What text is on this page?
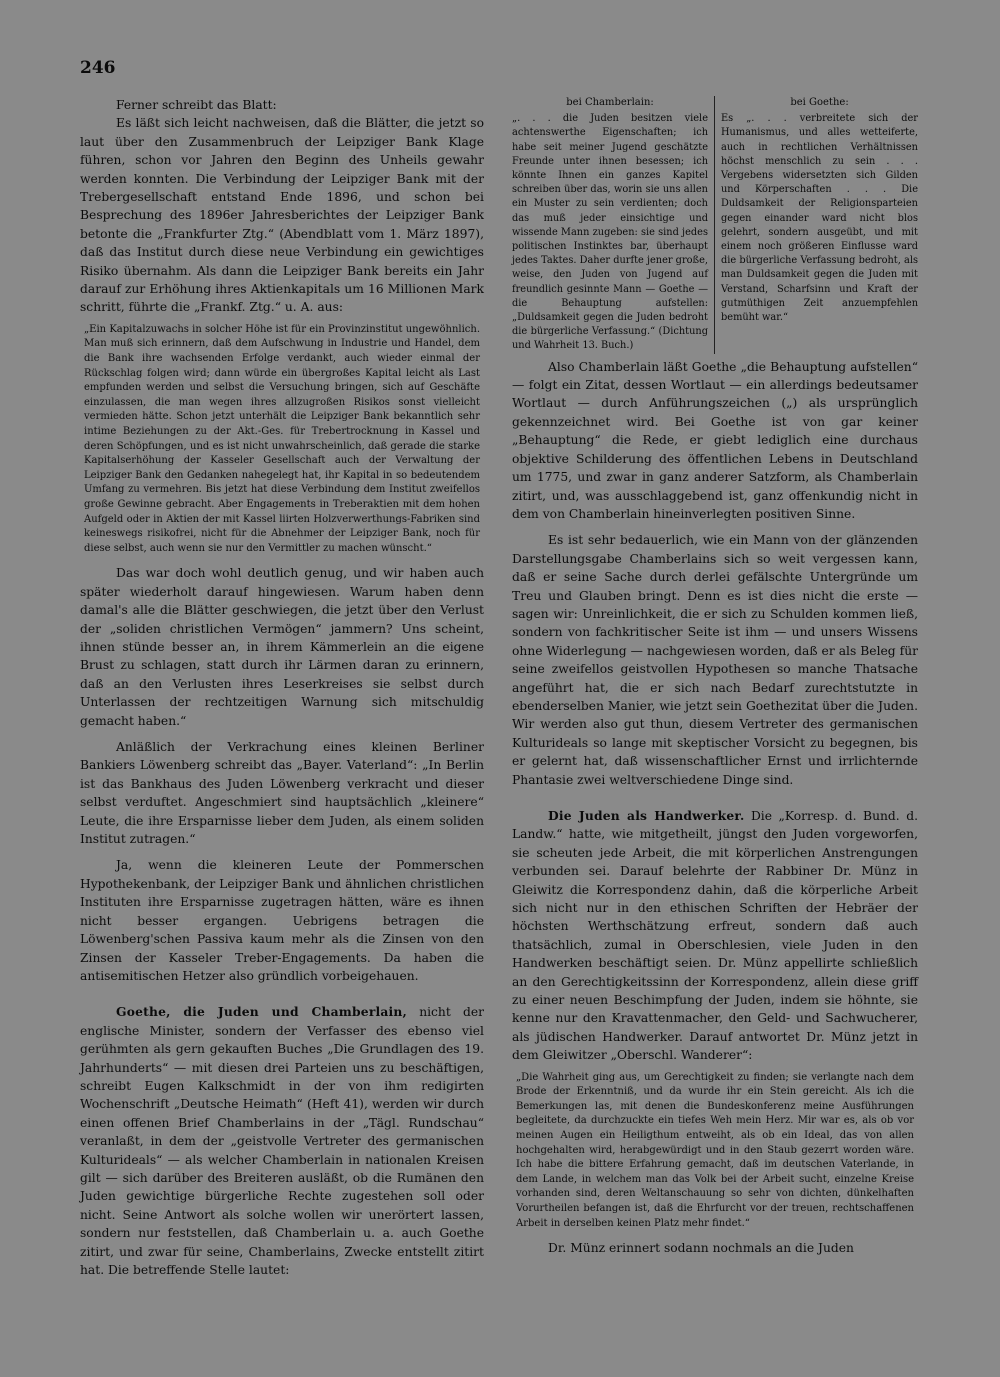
246

Ferner schreibt das Blatt:

Es läßt sich leicht nachweisen, daß die Blätter, die jetzt so laut über den Zusammenbruch der Leipziger Bank Klage führen, schon vor Jahren den Beginn des Unheils gewahr werden konnten. Die Verbindung der Leipziger Bank mit der Trebergesellschaft entstand Ende 1896, und schon bei Besprechung des 1896er Jahresberichtes der Leipziger Bank betonte die „Frankfurter Ztg.“ (Abendblatt vom 1. März 1897), daß das Institut durch diese neue Verbindung ein gewichtiges Risiko übernahm. Als dann die Leipziger Bank bereits ein Jahr darauf zur Erhöhung ihres Aktienkapitals um 16 Millionen Mark schritt, führte die „Frankf. Ztg.“ u. A. aus:

„Ein Kapitalzuwachs in solcher Höhe ist für ein Provinzinstitut ungewöhnlich. Man muß sich erinnern, daß dem Aufschwung in Industrie und Handel, dem die Bank ihre wachsenden Erfolge verdankt, auch wieder einmal der Rückschlag folgen wird; dann würde ein übergroßes Kapital leicht als Last empfunden werden und selbst die Versuchung bringen, sich auf Geschäfte einzulassen, die man wegen ihres allzugroßen Risikos sonst vielleicht vermieden hätte. Schon jetzt unterhält die Leipziger Bank bekanntlich sehr intime Beziehungen zu der Akt.-Ges. für Trebertrocknung in Kassel und deren Schöpfungen, und es ist nicht unwahrscheinlich, daß gerade die starke Kapitalserhöhung der Kasseler Gesellschaft auch der Verwaltung der Leipziger Bank den Gedanken nahegelegt hat, ihr Kapital in so bedeutendem Umfang zu vermehren. Bis jetzt hat diese Verbindung dem Institut zweifellos große Gewinne gebracht. Aber Engagements in Treberaktien mit dem hohen Aufgeld oder in Aktien der mit Kassel liirten Holzverwerthungs-Fabriken sind keineswegs risikofrei, nicht für die Abnehmer der Leipziger Bank, noch für diese selbst, auch wenn sie nur den Vermittler zu machen wünscht.“

Das war doch wohl deutlich genug, und wir haben auch später wiederholt darauf hingewiesen. Warum haben denn damal's alle die Blätter geschwiegen, die jetzt über den Verlust der „soliden christlichen Vermögen“ jammern? Uns scheint, ihnen stünde besser an, in ihrem Kämmerlein an die eigene Brust zu schlagen, statt durch ihr Lärmen daran zu erinnern, daß an den Verlusten ihres Leserkreises sie selbst durch Unterlassen der rechtzeitigen Warnung sich mitschuldig gemacht haben.“

Anläßlich der Verkrachung eines kleinen Berliner Bankiers Löwenberg schreibt das „Bayer. Vaterland“: „In Berlin ist das Bankhaus des Juden Löwenberg verkracht und dieser selbst verduftet. Angeschmiert sind hauptsächlich „kleinere“ Leute, die ihre Ersparnisse lieber dem Juden, als einem soliden Institut zutragen.“

Ja, wenn die kleineren Leute der Pommerschen Hypothekenbank, der Leipziger Bank und ähnlichen christlichen Instituten ihre Ersparnisse zugetragen hätten, wäre es ihnen nicht besser ergangen. Uebrigens betragen die Löwenberg'schen Passiva kaum mehr als die Zinsen von den Zinsen der Kasseler Treber-Engagements. Da haben die antisemitischen Hetzer also gründlich vorbeigehauen.

Goethe, die Juden und Chamberlain, nicht der englische Minister, sondern der Verfasser des ebenso viel gerühmten als gern gekauften Buches „Die Grundlagen des 19. Jahrhunderts“ — mit diesen drei Parteien uns zu beschäftigen, schreibt Eugen Kalkschmidt in der von ihm redigirten Wochenschrift „Deutsche Heimath“ (Heft 41), werden wir durch einen offenen Brief Chamberlains in der „Tägl. Rundschau“ veranlaßt, in dem der „geistvolle Vertreter des germanischen Kulturideals“ — als welcher Chamberlain in nationalen Kreisen gilt — sich darüber des Breiteren ausläßt, ob die Rumänen den Juden gewichtige bürgerliche Rechte zugestehen soll oder nicht. Seine Antwort als solche wollen wir unerörtert lassen, sondern nur feststellen, daß Chamberlain u. a. auch Goethe zitirt, und zwar für seine, Chamberlains, Zwecke entstellt zitirt hat. Die betreffende Stelle lautet:

bei Chamberlain:

„. . . die Juden besitzen viele achtenswerthe Eigenschaften; ich habe seit meiner Jugend geschätzte Freunde unter ihnen besessen; ich könnte Ihnen ein ganzes Kapitel schreiben über das, worin sie uns allen ein Muster zu sein verdienten; doch das muß jeder einsichtige und wissende Mann zugeben: sie sind jedes politischen Instinktes bar, überhaupt jedes Taktes. Daher durfte jener große, weise, den Juden von Jugend auf freundlich gesinnte Mann — Goethe — die Behauptung aufstellen: „Duldsamkeit gegen die Juden bedroht die bürgerliche Verfassung.“ (Dichtung und Wahrheit 13. Buch.)

bei Goethe:

Es „. . . verbreitete sich der Humanismus, und alles wetteiferte, auch in rechtlichen Verhältnissen höchst menschlich zu sein . . . Vergebens widersetzten sich Gilden und Körperschaften . . . Die Duldsamkeit der Religionsparteien gegen einander ward nicht blos gelehrt, sondern ausgeübt, und mit einem noch größeren Einflusse ward die bürgerliche Verfassung bedroht, als man Duldsamkeit gegen die Juden mit Verstand, Scharfsinn und Kraft der gutmüthigen Zeit anzuempfehlen bemüht war.“

Also Chamberlain läßt Goethe „die Behauptung aufstellen“ — folgt ein Zitat, dessen Wortlaut — ein allerdings bedeutsamer Wortlaut — durch Anführungszeichen („) als ursprünglich gekennzeichnet wird. Bei Goethe ist von gar keiner „Behauptung“ die Rede, er giebt lediglich eine durchaus objektive Schilderung des öffentlichen Lebens in Deutschland um 1775, und zwar in ganz anderer Satzform, als Chamberlain zitirt, und, was ausschlaggebend ist, ganz offenkundig nicht in dem von Chamberlain hineinverlegten positiven Sinne.

Es ist sehr bedauerlich, wie ein Mann von der glänzenden Darstellungsgabe Chamberlains sich so weit vergessen kann, daß er seine Sache durch derlei gefälschte Untergründe um Treu und Glauben bringt. Denn es ist dies nicht die erste — sagen wir: Unreinlichkeit, die er sich zu Schulden kommen ließ, sondern von fachkritischer Seite ist ihm — und unsers Wissens ohne Widerlegung — nachgewiesen worden, daß er als Beleg für seine zweifellos geistvollen Hypothesen so manche Thatsache angeführt hat, die er sich nach Bedarf zurechtstutzte in ebenderselben Manier, wie jetzt sein Goethezitat über die Juden. Wir werden also gut thun, diesem Vertreter des germanischen Kulturideals so lange mit skeptischer Vorsicht zu begegnen, bis er gelernt hat, daß wissenschaftlicher Ernst und irrlichternde Phantasie zwei weltverschiedene Dinge sind.

Die Juden als Handwerker. Die „Korresp. d. Bund. d. Landw.“ hatte, wie mitgetheilt, jüngst den Juden vorgeworfen, sie scheuten jede Arbeit, die mit körperlichen Anstrengungen verbunden sei. Darauf belehrte der Rabbiner Dr. Münz in Gleiwitz die Korrespondenz dahin, daß die körperliche Arbeit sich nicht nur in den ethischen Schriften der Hebräer der höchsten Werthschätzung erfreut, sondern daß auch thatsächlich, zumal in Oberschlesien, viele Juden in den Handwerken beschäftigt seien. Dr. Münz appellirte schließlich an den Gerechtigkeitssinn der Korrespondenz, allein diese griff zu einer neuen Beschimpfung der Juden, indem sie höhnte, sie kenne nur den Kravattenmacher, den Geld- und Sachwucherer, als jüdischen Handwerker. Darauf antwortet Dr. Münz jetzt in dem Gleiwitzer „Oberschl. Wanderer“:

„Die Wahrheit ging aus, um Gerechtigkeit zu finden; sie verlangte nach dem Brode der Erkenntniß, und da wurde ihr ein Stein gereicht. Als ich die Bemerkungen las, mit denen die Bundeskonferenz meine Ausführungen begleitete, da durchzuckte ein tiefes Weh mein Herz. Mir war es, als ob vor meinen Augen ein Heiligthum entweiht, als ob ein Ideal, das von allen hochgehalten wird, herabgewürdigt und in den Staub gezerrt worden wäre. Ich habe die bittere Erfahrung gemacht, daß im deutschen Vaterlande, in dem Lande, in welchem man das Volk bei der Arbeit sucht, einzelne Kreise vorhanden sind, deren Weltanschauung so sehr von dichten, dünkelhaften Vorurtheilen befangen ist, daß die Ehrfurcht vor der treuen, rechtschaffenen Arbeit in derselben keinen Platz mehr findet.“

Dr. Münz erinnert sodann nochmals an die Juden
